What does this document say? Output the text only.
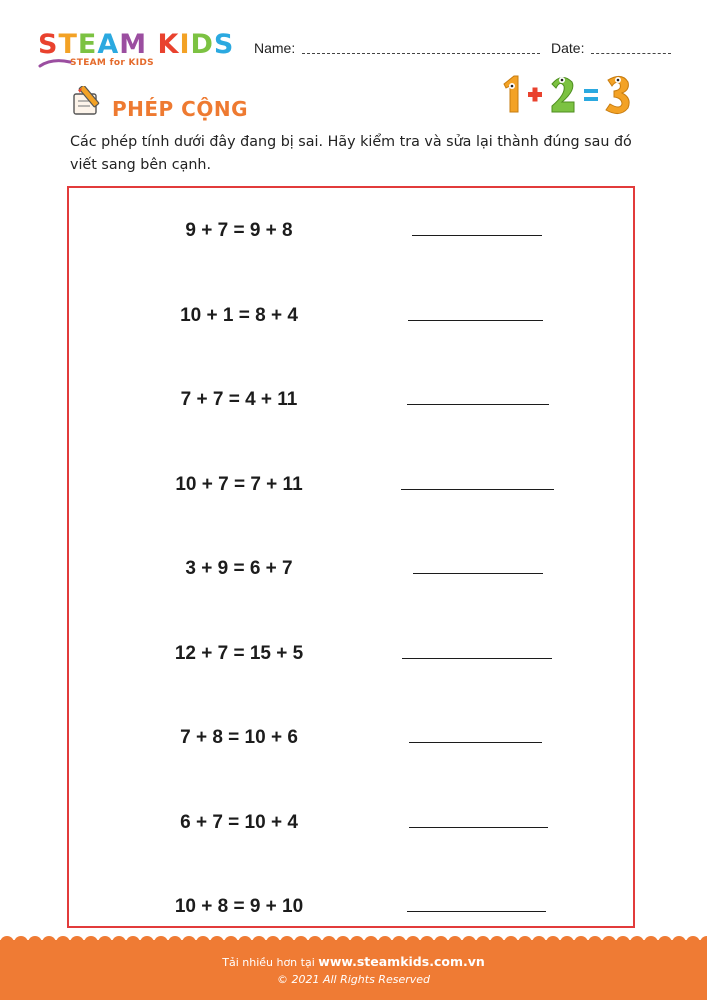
STEAM KIDS
STEAM for KIDS
Name:	Date:
PHÉP CỘNG
Các phép tính dưới đây đang bị sai. Hãy kiểm tra và sửa lại thành đúng sau đó viết sang bên cạnh.
9 + 7 = 9 + 8
10 + 1 = 8 + 4
7 + 7 = 4 + 11
10 + 7 = 7 + 11
3 + 9 = 6 + 7
12 + 7 = 15 + 5
7 + 8 = 10 + 6
6 + 7 = 10 + 4
10 + 8 = 9 + 10
Tải nhiều hơn tại www.steamkids.com.vn
© 2021 All Rights Reserved
